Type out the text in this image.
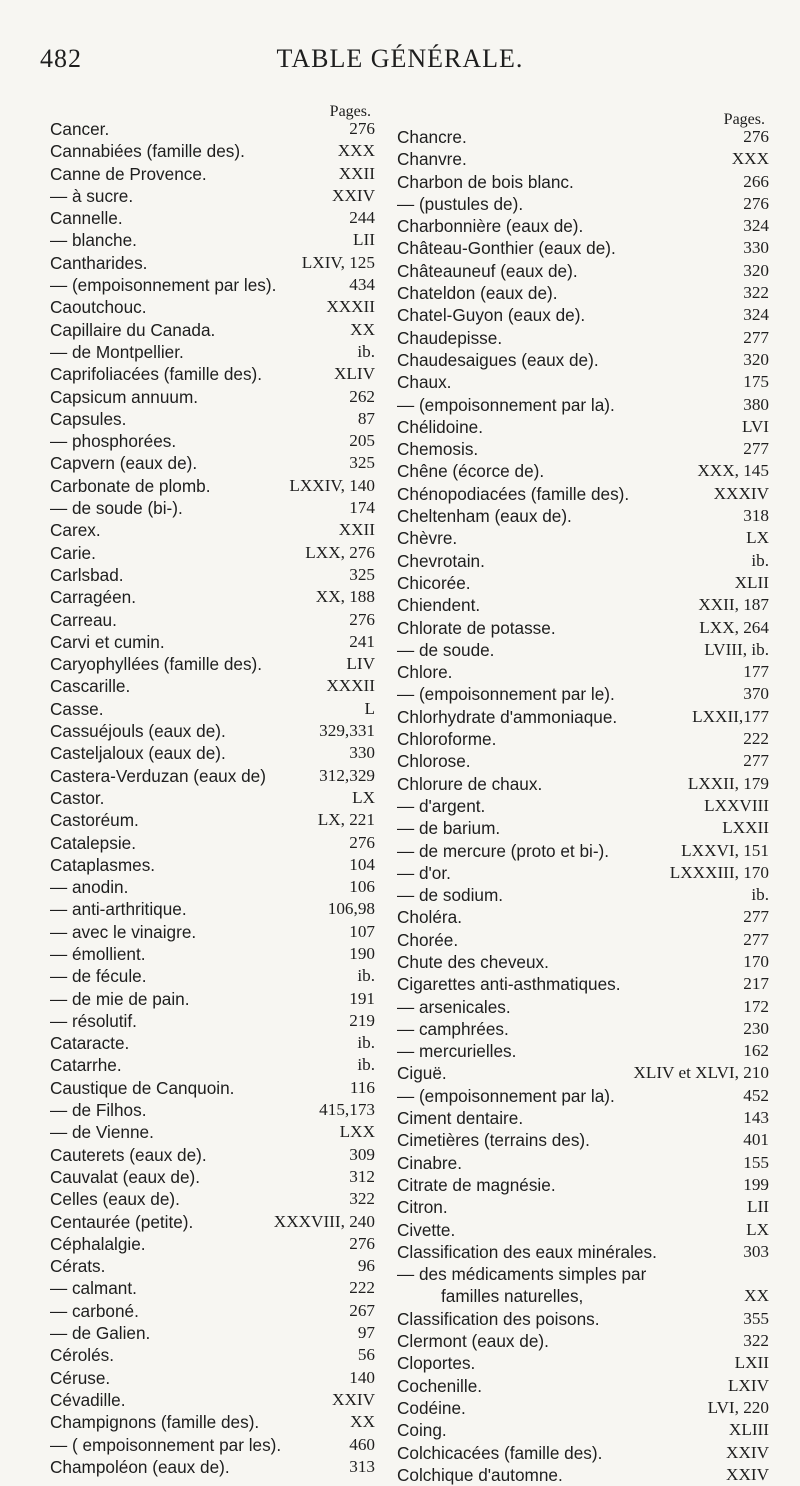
482	TABLE GÉNÉRALE.
Pages.
Cancer.	276
Cannabiées (famille des).	XXX
Canne de Provence.	XXII
— à sucre.	XXIV
Cannelle.	244
— blanche.	LII
Cantharides.	LXIV, 125
— (empoisonnement par les).	434
Caoutchouc.	XXXII
Capillaire du Canada.	XX
— de Montpellier.	ib.
Caprifoliacées (famille des).	XLIV
Capsicum annuum.	262
Capsules.	87
— phosphorées.	205
Capvern (eaux de).	325
Carbonate de plomb.	LXXIV, 140
— de soude (bi-).	174
Carex.	XXII
Carie.	LXX, 276
Carlsbad.	325
Carragéen.	XX, 188
Carreau.	276
Carvi et cumin.	241
Caryophyllées (famille des).	LIV
Cascarille.	XXXII
Casse.	L
Cassuéjouls (eaux de).	329,331
Casteljaloux (eaux de).	330
Castera-Verduzan (eaux de)	312,329
Castor.	LX
Castoréum.	LX, 221
Catalepsie.	276
Cataplasmes.	104
— anodin.	106
— anti-arthritique.	106,98
— avec le vinaigre.	107
— émollient.	190
— de fécule.	ib.
— de mie de pain.	191
— résolutif.	219
Cataracte.	ib.
Catarrhe.	ib.
Caustique de Canquoin.	116
— de Filhos.	415,173
— de Vienne.	LXX
Cauterets (eaux de).	309
Cauvalat (eaux de).	312
Celles (eaux de).	322
Centaurée (petite).	XXXVIII, 240
Céphalalgie.	276
Cérats.	96
— calmant.	222
— carboné.	267
— de Galien.	97
Cérolés.	56
Céruse.	140
Cévadille.	XXIV
Champignons (famille des).	XX
— ( empoisonnement par les).	460
Champoléon (eaux de).	313
Pages.
Chancre.	276
Chanvre.	XXX
Charbon de bois blanc.	266
— (pustules de).	276
Charbonnière (eaux de).	324
Château-Gonthier (eaux de).	330
Châteauneuf (eaux de).	320
Chateldon (eaux de).	322
Chatel-Guyon (eaux de).	324
Chaudepisse.	277
Chaudesaigues (eaux de).	320
Chaux.	175
— (empoisonnement par la).	380
Chélidoine.	LVI
Chemosis.	277
Chêne (écorce de).	XXX, 145
Chénopodiacées (famille des).	XXXIV
Cheltenham (eaux de).	318
Chèvre.	LX
Chevrotain.	ib.
Chicorée.	XLII
Chiendent.	XXII, 187
Chlorate de potasse.	LXX, 264
— de soude.	LVIII, ib.
Chlore.	177
— (empoisonnement par le).	370
Chlorhydrate d'ammoniaque.	LXXII,177
Chloroforme.	222
Chlorose.	277
Chlorure de chaux.	LXXII, 179
— d'argent.	LXXVIII
— de barium.	LXXII
— de mercure (proto et bi-).	LXXVI, 151
— d'or.	LXXXIII, 170
— de sodium.	ib.
Choléra.	277
Chorée.	277
Chute des cheveux.	170
Cigarettes anti-asthmatiques.	217
— arsenicales.	172
— camphrées.	230
— mercurielles.	162
Ciguë.	XLIV et XLVI, 210
— (empoisonnement par la).	452
Ciment dentaire.	143
Cimetières (terrains des).	401
Cinabre.	155
Citrate de magnésie.	199
Citron.	LII
Civette.	LX
Classification des eaux minérales.	303
— des médicaments simples par
familles naturelles,	XX
Classification des poisons.	355
Clermont (eaux de).	322
Cloportes.	LXII
Cochenille.	LXIV
Codéine.	LVI, 220
Coing.	XLIII
Colchicacées (famille des).	XXIV
Colchique d'automne.	XXIV
